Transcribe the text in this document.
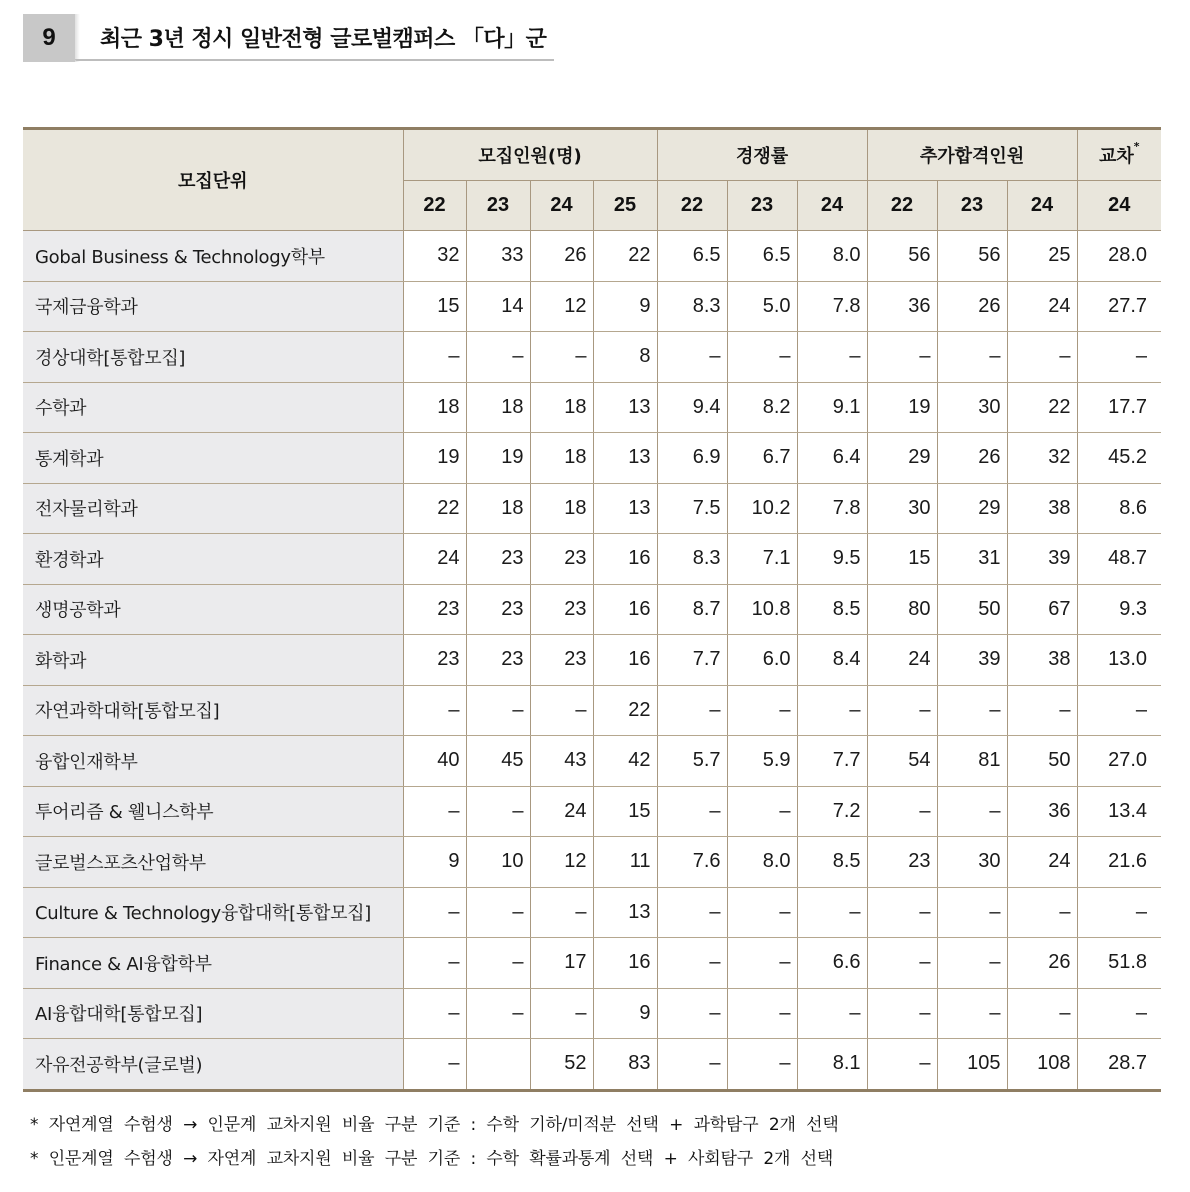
9	최근 3년 정시 일반전형 글로벌캠퍼스 「다」군
모집단위	모집인원(명)				경쟁률			추가합격인원			교차*
	22	23	24	25	22	23	24	22	23	24	24
Gobal Business & Technology학부	32	33	26	22	6.5	6.5	8.0	56	56	25	28.0
국제금융학과	15	14	12	9	8.3	5.0	7.8	36	26	24	27.7
경상대학[통합모집]	–	–	–	8	–	–	–	–	–	–	–
수학과	18	18	18	13	9.4	8.2	9.1	19	30	22	17.7
통계학과	19	19	18	13	6.9	6.7	6.4	29	26	32	45.2
전자물리학과	22	18	18	13	7.5	10.2	7.8	30	29	38	8.6
환경학과	24	23	23	16	8.3	7.1	9.5	15	31	39	48.7
생명공학과	23	23	23	16	8.7	10.8	8.5	80	50	67	9.3
화학과	23	23	23	16	7.7	6.0	8.4	24	39	38	13.0
자연과학대학[통합모집]	–	–	–	22	–	–	–	–	–	–	–
융합인재학부	40	45	43	42	5.7	5.9	7.7	54	81	50	27.0
투어리즘 & 웰니스학부	–	–	24	15	–	–	7.2	–	–	36	13.4
글로벌스포츠산업학부	9	10	12	11	7.6	8.0	8.5	23	30	24	21.6
Culture & Technology융합대학[통합모집]	–	–	–	13	–	–	–	–	–	–	–
Finance & AI융합학부	–	–	17	16	–	–	6.6	–	–	26	51.8
AI융합대학[통합모집]	–	–	–	9	–	–	–	–	–	–	–
자유전공학부(글로벌)	–		52	83	–	–	8.1	–	105	108	28.7
*  자연계열  수험생  →  인문계  교차지원  비율  구분  기준  :  수학  기하/미적분  선택  +  과학탐구  2개  선택
*  인문계열  수험생  →  자연계  교차지원  비율  구분  기준  :  수학  확률과통계  선택  +  사회탐구  2개  선택
